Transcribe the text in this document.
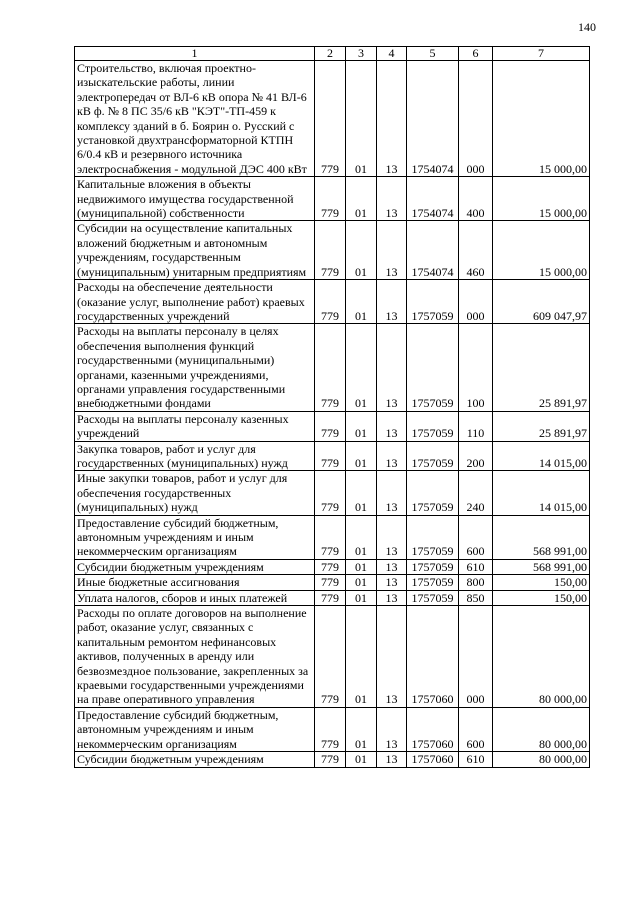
140
1	2	3	4	5	6	7
Строительство, включая проектно-изыскательские работы, линии электропередач от ВЛ-6 кВ опора № 41 ВЛ-6 кВ ф. № 8 ПС 35/6 кВ "КЭТ"-ТП-459 к комплексу зданий в б. Боярин о. Русский с установкой двухтрансформаторной КТПН 6/0.4 кВ и резервного источника электроснабжения - модульной ДЭС 400 кВт	779	01	13	1754074	000	15 000,00
Капитальные вложения в объекты недвижимого имущества государственной (муниципальной) собственности	779	01	13	1754074	400	15 000,00
Субсидии на осуществление капитальных вложений бюджетным и автономным учреждениям, государственным (муниципальным) унитарным предприятиям	779	01	13	1754074	460	15 000,00
Расходы на обеспечение деятельности (оказание услуг, выполнение работ) краевых государственных учреждений	779	01	13	1757059	000	609 047,97
Расходы на выплаты персоналу в целях обеспечения выполнения функций государственными (муниципальными) органами, казенными учреждениями, органами управления государственными внебюджетными фондами	779	01	13	1757059	100	25 891,97
Расходы на выплаты персоналу казенных учреждений	779	01	13	1757059	110	25 891,97
Закупка товаров, работ и услуг для государственных (муниципальных) нужд	779	01	13	1757059	200	14 015,00
Иные закупки товаров, работ и услуг для обеспечения государственных (муниципальных) нужд	779	01	13	1757059	240	14 015,00
Предоставление субсидий бюджетным, автономным учреждениям и иным некоммерческим организациям	779	01	13	1757059	600	568 991,00
Субсидии бюджетным учреждениям	779	01	13	1757059	610	568 991,00
Иные бюджетные ассигнования	779	01	13	1757059	800	150,00
Уплата налогов, сборов и иных платежей	779	01	13	1757059	850	150,00
Расходы по оплате договоров на выполнение работ, оказание услуг, связанных с капитальным ремонтом нефинансовых активов, полученных в аренду или безвозмездное пользование, закрепленных за краевыми государственными учреждениями на праве оперативного управления	779	01	13	1757060	000	80 000,00
Предоставление субсидий бюджетным, автономным учреждениям и иным некоммерческим организациям	779	01	13	1757060	600	80 000,00
Субсидии бюджетным учреждениям	779	01	13	1757060	610	80 000,00
